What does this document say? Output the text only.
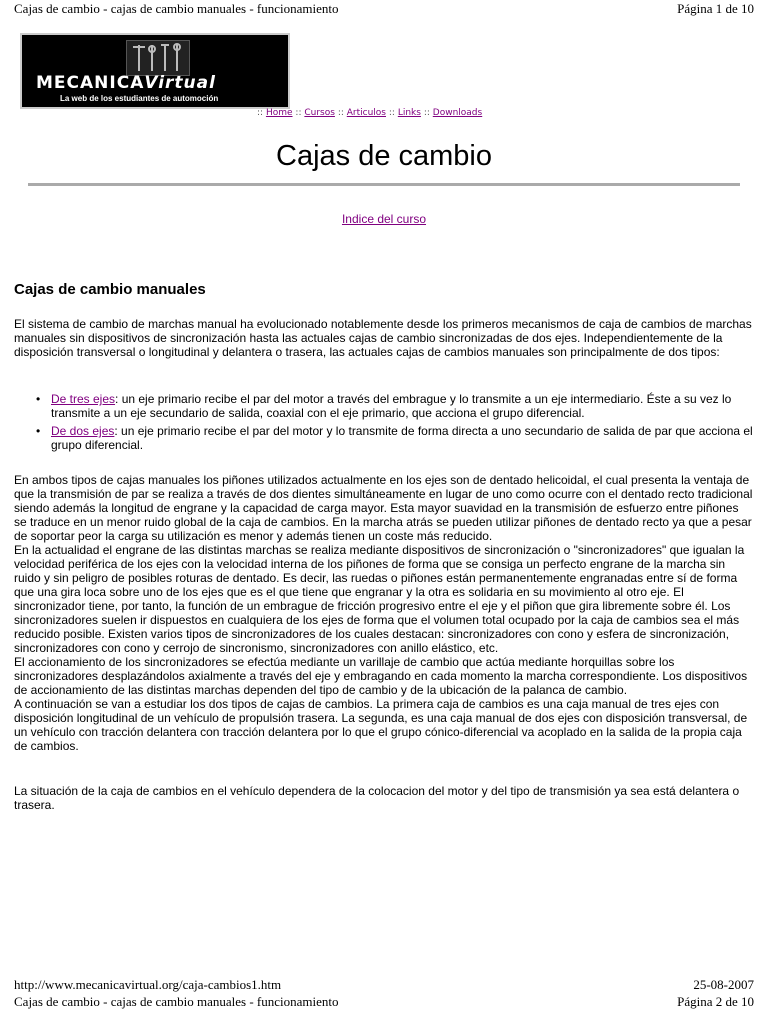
Cajas de cambio - cajas de cambio manuales - funcionamiento	Página 1 de 10
MECANICAVirtual
La web de los estudiantes de automoción
:: Home :: Cursos :: Articulos :: Links :: Downloads
Cajas de cambio
Indice del curso
Cajas de cambio manuales
El sistema de cambio de marchas manual ha evolucionado notablemente desde los primeros mecanismos de caja de cambios de marchas manuales sin dispositivos de sincronización hasta las actuales cajas de cambio sincronizadas de dos ejes. Independientemente de la disposición transversal o longitudinal y delantera o trasera, las actuales cajas de cambios manuales son principalmente de dos tipos:
• De tres ejes: un eje primario recibe el par del motor a través del embrague y lo transmite a un eje intermediario. Éste a su vez lo transmite a un eje secundario de salida, coaxial con el eje primario, que acciona el grupo diferencial.
• De dos ejes: un eje primario recibe el par del motor y lo transmite de forma directa a uno secundario de salida de par que acciona el grupo diferencial.
En ambos tipos de cajas manuales los piñones utilizados actualmente en los ejes son de dentado helicoidal, el cual presenta la ventaja de que la transmisión de par se realiza a través de dos dientes simultáneamente en lugar de uno como ocurre con el dentado recto tradicional siendo además la longitud de engrane y la capacidad de carga mayor. Esta mayor suavidad en la transmisión de esfuerzo entre piñones se traduce en un menor ruido global de la caja de cambios. En la marcha atrás se pueden utilizar piñones de dentado recto ya que a pesar de soportar peor la carga su utilización es menor y además tienen un coste más reducido.
En la actualidad el engrane de las distintas marchas se realiza mediante dispositivos de sincronización o "sincronizadores" que igualan la velocidad periférica de los ejes con la velocidad interna de los piñones de forma que se consiga un perfecto engrane de la marcha sin ruido y sin peligro de posibles roturas de dentado. Es decir, las ruedas o piñones están permanentemente engranadas entre sí de forma que una gira loca sobre uno de los ejes que es el que tiene que engranar y la otra es solidaria en su movimiento al otro eje. El sincronizador tiene, por tanto, la función de un embrague de fricción progresivo entre el eje y el piñon que gira libremente sobre él. Los sincronizadores suelen ir dispuestos en cualquiera de los ejes de forma que el volumen total ocupado por la caja de cambios sea el más reducido posible. Existen varios tipos de sincronizadores de los cuales destacan: sincronizadores con cono y esfera de sincronización, sincronizadores con cono y cerrojo de sincronismo, sincronizadores con anillo elástico, etc.
El accionamiento de los sincronizadores se efectúa mediante un varillaje de cambio que actúa mediante horquillas sobre los sincronizadores desplazándolos axialmente a través del eje y embragando en cada momento la marcha correspondiente. Los dispositivos de accionamiento de las distintas marchas dependen del tipo de cambio y de la ubicación de la palanca de cambio.
A continuación se van a estudiar los dos tipos de cajas de cambios. La primera caja de cambios es una caja manual de tres ejes con disposición longitudinal de un vehículo de propulsión trasera. La segunda, es una caja manual de dos ejes con disposición transversal, de un vehículo con tracción delantera con tracción delantera por lo que el grupo cónico-diferencial va acoplado en la salida de la propia caja de cambios.
La situación de la caja de cambios en el vehículo dependera de la colocacion del motor y del tipo de transmisión ya sea está delantera o trasera.
http://www.mecanicavirtual.org/caja-cambios1.htm	25-08-2007
Cajas de cambio - cajas de cambio manuales - funcionamiento	Página 2 de 10
